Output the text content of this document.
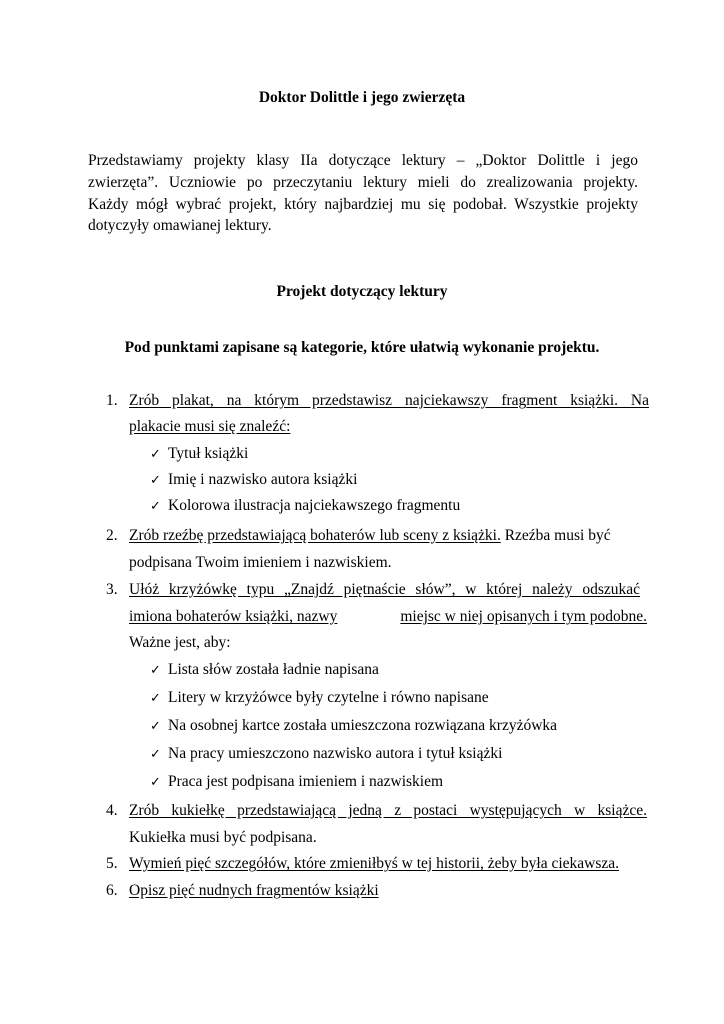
Doktor Dolittle i jego zwierzęta
Przedstawiamy projekty klasy IIa dotyczące lektury – „Doktor Dolittle i jego
zwierzęta”. Uczniowie po przeczytaniu lektury mieli do zrealizowania projekty.
Każdy mógł wybrać projekt, który najbardziej mu się podobał. Wszystkie projekty
dotyczyły omawianej lektury.
Projekt dotyczący lektury
Pod punktami zapisane są kategorie, które ułatwią wykonanie projektu.
1. Zrób plakat, na którym przedstawisz najciekawszy fragment książki. Na
plakacie musi się znaleźć:
✓ Tytuł książki
✓ Imię i nazwisko autora książki
✓ Kolorowa ilustracja najciekawszego fragmentu
2. Zrób rzeźbę przedstawiającą bohaterów lub sceny z książki. Rzeźba musi być
podpisana Twoim imieniem i nazwiskiem.
3. Ułóż krzyżówkę typu „Znajdź piętnaście słów”, w której należy odszukać
imiona bohaterów książki, nazwy	miejsc w niej opisanych i tym podobne.
Ważne jest, aby:
✓ Lista słów została ładnie napisana
✓ Litery w krzyżówce były czytelne i równo napisane
✓ Na osobnej kartce została umieszczona rozwiązana krzyżówka
✓ Na pracy umieszczono nazwisko autora i tytuł książki
✓ Praca jest podpisana imieniem i nazwiskiem
4. Zrób kukiełkę przedstawiającą jedną z postaci występujących w książce.
Kukiełka musi być podpisana.
5. Wymień pięć szczegółów, które zmieniłbyś w tej historii, żeby była ciekawsza.
6. Opisz pięć nudnych fragmentów książki
